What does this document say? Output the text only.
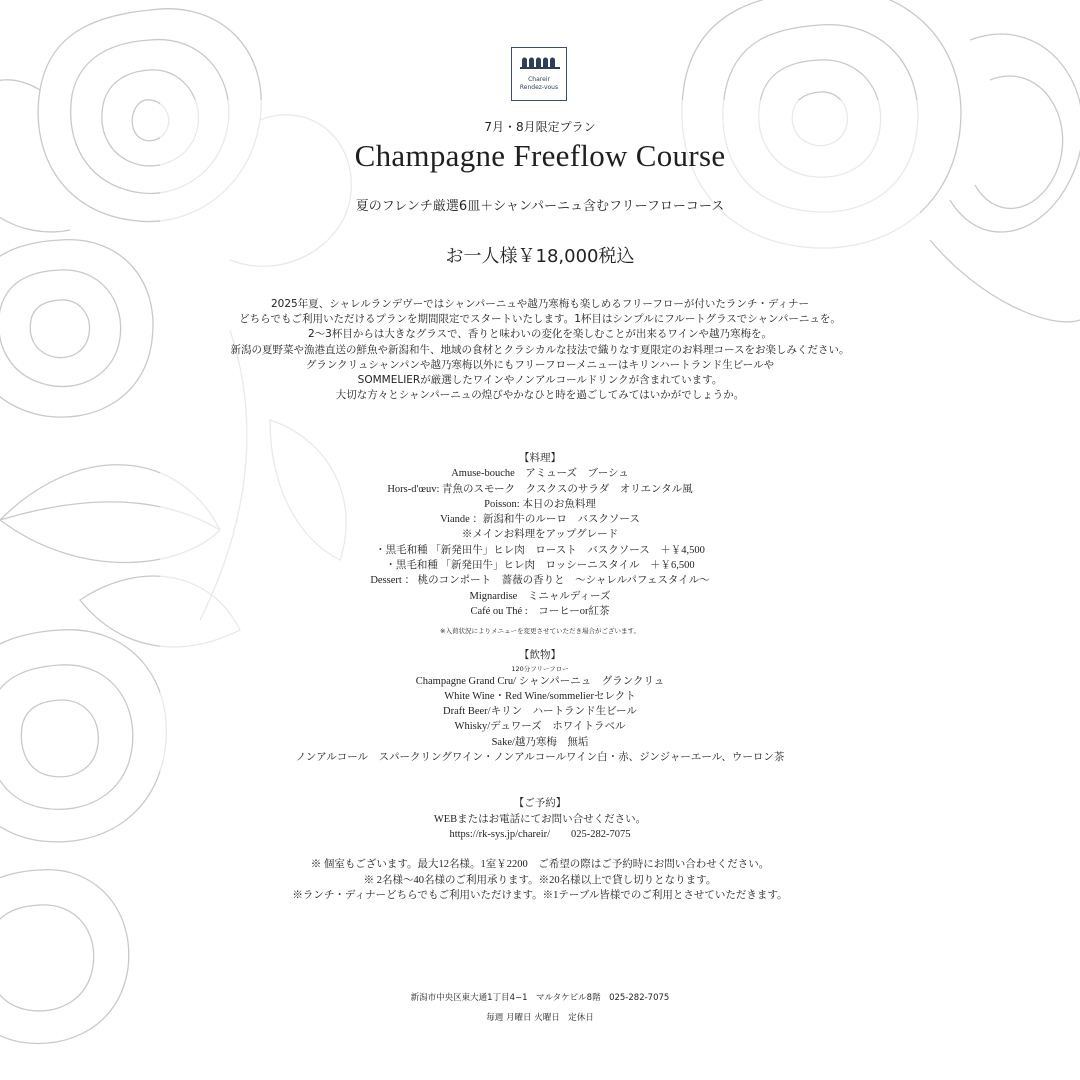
Chareir
Rendez-vous
7月・8月限定プラン
Champagne Freeflow Course
夏のフレンチ厳選6皿＋シャンパーニュ含むフリーフローコース
お一人様￥18,000税込
2025年夏、シャレルランデヴーではシャンパーニュや越乃寒梅も楽しめるフリーフローが付いたランチ・ディナー
どちらでもご利用いただけるプランを期間限定でスタートいたします。1杯目はシンプルにフルートグラスでシャンパーニュを。
2〜3杯目からは大きなグラスで、香りと味わいの変化を楽しむことが出来るワインや越乃寒梅を。
新潟の夏野菜や漁港直送の鮮魚や新潟和牛、地域の食材とクラシカルな技法で織りなす夏限定のお料理コースをお楽しみください。
グランクリュシャンパンや越乃寒梅以外にもフリーフローメニューはキリンハートランド生ビールや
SOMMELIERが厳選したワインやノンアルコールドリンクが含まれています。
大切な方々とシャンパーニュの煌びやかなひと時を過ごしてみてはいかがでしょうか。
【料理】
Amuse-bouche　アミューズ　ブーシュ
Hors-d'œuv: 青魚のスモーク　クスクスのサラダ　オリエンタル風
Poisson: 本日のお魚料理
Viande ：新潟和牛のルーロ　バスクソース
※メインお料理をアップグレード
・黒毛和種 「新発田牛」ヒレ肉　ロースト　バスクソース　＋￥4,500
・黒毛和種 「新発田牛」ヒレ肉　ロッシーニスタイル　＋￥6,500
Dessert ： 桃のコンポート　薔薇の香りと　〜シャレルパフェスタイル〜
Mignardise　ミニャルディーズ
Café ou Thé :　コーヒーor紅茶
※入荷状況によりメニューを変更させていただき場合がございます。
【飲物】
120分フリーフロー
Champagne Grand Cru/ シャンパーニュ　グランクリュ
White Wine・Red Wine/sommelierセレクト
Draft Beer/キリン　ハートランド生ビール
Whisky/デュワーズ　ホワイトラベル
Sake/越乃寒梅　無垢
ノンアルコール　スパークリングワイン・ノンアルコールワイン白・赤、ジンジャーエール、ウーロン茶
【ご予約】
WEBまたはお電話にてお問い合せください。
https://rk-sys.jp/chareir/　　025-282-7075
※ 個室もございます。最大12名様。1室￥2200　ご希望の際はご予約時にお問い合わせください。
※ 2名様〜40名様のご利用承ります。※20名様以上で貸し切りとなります。
※ランチ・ディナーどちらでもご利用いただけます。※1テーブル皆様でのご利用とさせていただきます。
新潟市中央区東大通1丁目4−1　マルタケビル8階　025-282-7075
毎週 月曜日 火曜日　定休日
